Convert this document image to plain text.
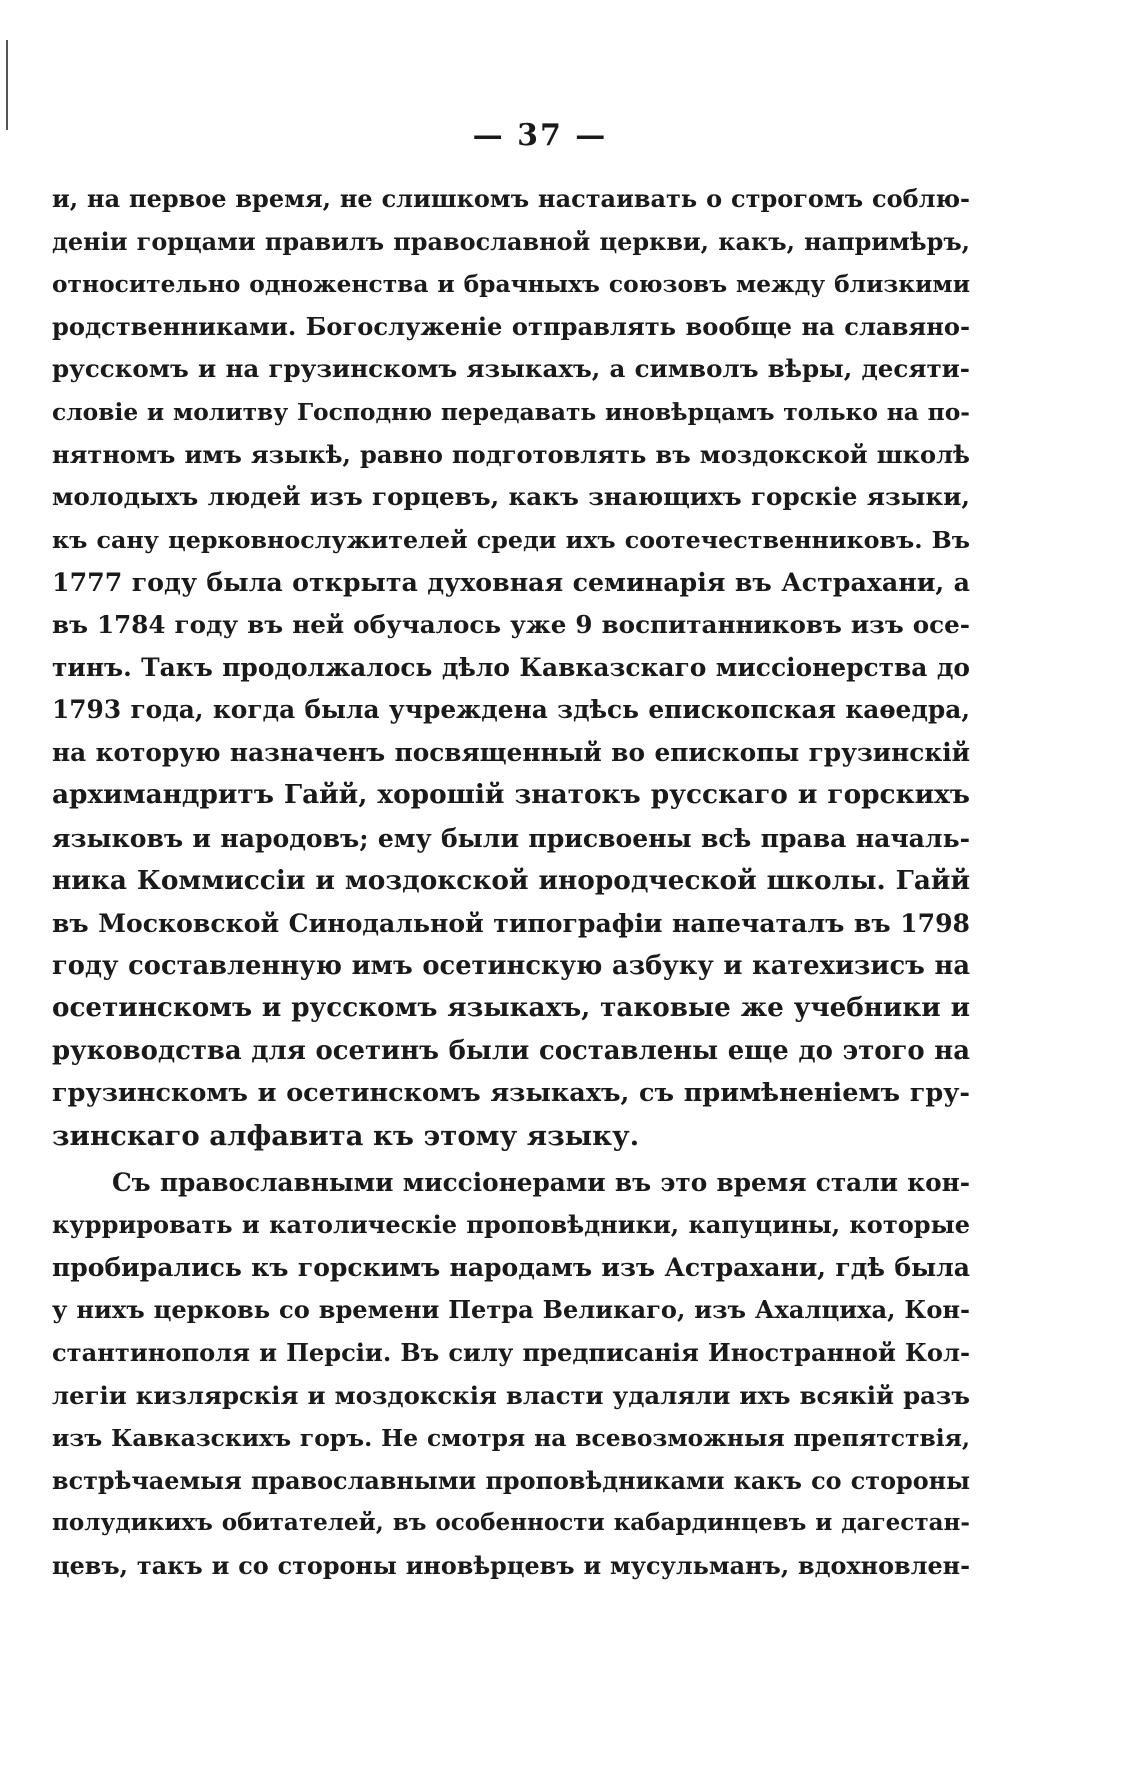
— 37 —
и, на первое время, не слишкомъ настаивать о строгомъ соблю-
деніи горцами правилъ православной церкви, какъ, напримѣръ,
относительно одноженства и брачныхъ союзовъ между близкими
родственниками. Богослуженіе отправлять вообще на славяно-
русскомъ и на грузинскомъ языкахъ, а символъ вѣры, десяти-
словіе и молитву Господню передавать иновѣрцамъ только на по-
нятномъ имъ языкѣ, равно подготовлять въ моздокской школѣ
молодыхъ людей изъ горцевъ, какъ знающихъ горскіе языки,
къ сану церковнослужителей среди ихъ соотечественниковъ. Въ
1777 году была открыта духовная семинарія въ Астрахани, а
въ 1784 году въ ней обучалось уже 9 воспитанниковъ изъ осе-
тинъ. Такъ продолжалось дѣло Кавказскаго миссіонерства до
1793 года, когда была учреждена здѣсь епископская каѳедра,
на которую назначенъ посвященный во епископы грузинскій
архимандритъ Гайй, хорошій знатокъ русскаго и горскихъ
языковъ и народовъ; ему были присвоены всѣ права началь-
ника Коммиссіи и моздокской инородческой школы. Гайй
въ Московской Синодальной типографіи напечаталъ въ 1798
году составленную имъ осетинскую азбуку и катехизисъ на
осетинскомъ и русскомъ языкахъ, таковые же учебники и
руководства для осетинъ были составлены еще до этого на
грузинскомъ и осетинскомъ языкахъ, съ примѣненіемъ гру-
зинскаго алфавита къ этому языку.
Съ православными миссіонерами въ это время стали кон-
куррировать и католическіе проповѣдники, капуцины, которые
пробирались къ горскимъ народамъ изъ Астрахани, гдѣ была
у нихъ церковь со времени Петра Великаго, изъ Ахалциха, Кон-
стантинополя и Персіи. Въ силу предписанія Иностранной Кол-
легіи кизлярскія и моздокскія власти удаляли ихъ всякій разъ
изъ Кавказскихъ горъ. Не смотря на всевозможныя препятствія,
встрѣчаемыя православными проповѣдниками какъ со стороны
полудикихъ обитателей, въ особенности кабардинцевъ и дагестан-
цевъ, такъ и со стороны иновѣрцевъ и мусульманъ, вдохновлен-
